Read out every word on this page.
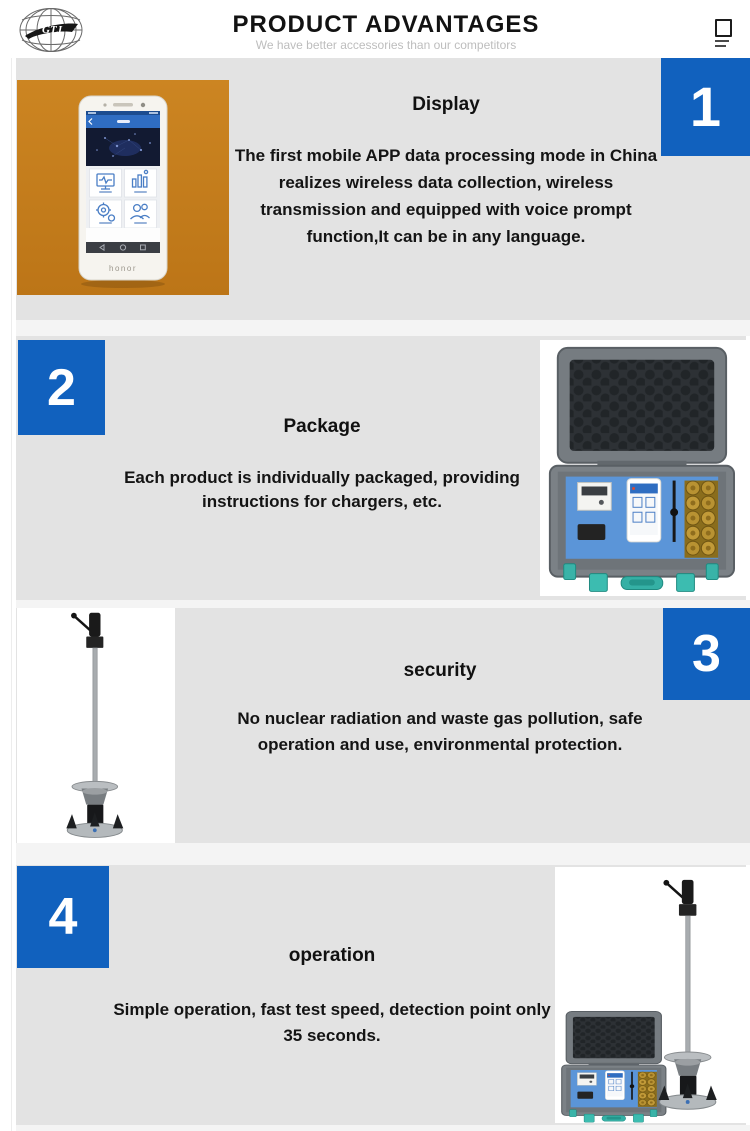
GTJ	PRODUCT ADVANTAGES
We have better accessories than our competitors
honor
Display
The first mobile APP data processing mode in China realizes wireless data collection, wireless transmission and equipped with voice prompt function,It can be in any language.
1
2
Package
Each product is individually packaged, providing instructions for chargers, etc.
security
No nuclear radiation and waste gas pollution, safe operation and use, environmental protection.
3
4
operation
Simple operation, fast test speed, detection point only 35 seconds.
